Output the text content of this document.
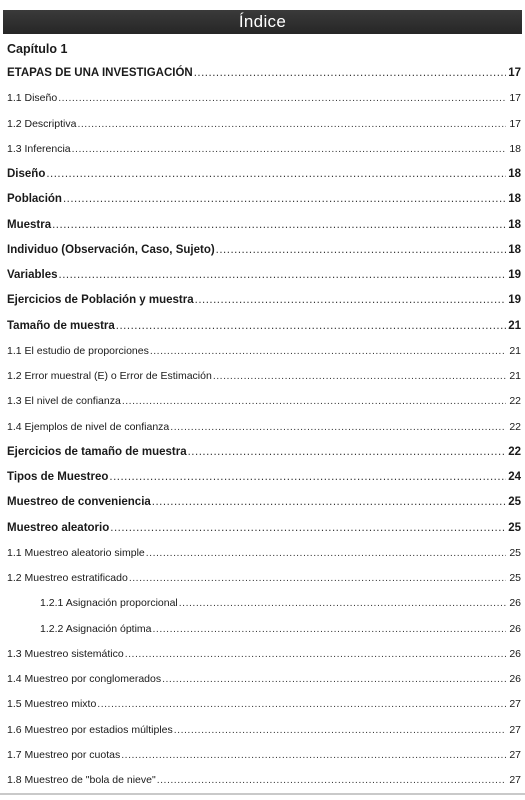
Índice
Capítulo 1
ETAPAS DE UNA INVESTIGACIÓN .....	17
1.1 Diseño .....	17
1.2 Descriptiva .....	17
1.3 Inferencia .....	18
Diseño .....	18
Población .....	18
Muestra .....	18
Individuo (Observación, Caso, Sujeto) .....	18
Variables .....	19
Ejercicios de Población y muestra .....	19
Tamaño de muestra .....	21
1.1 El estudio de proporciones .....	21
1.2 Error muestral (E) o Error de Estimación .....	21
1.3 El nivel de confianza .....	22
1.4 Ejemplos de nivel de confianza .....	22
Ejercicios de tamaño de muestra .....	22
Tipos de Muestreo .....	24
Muestreo de conveniencia .....	25
Muestreo aleatorio .....	25
1.1 Muestreo aleatorio simple .....	25
1.2 Muestreo estratificado .....	25
1.2.1 Asignación proporcional .....	26
1.2.2 Asignación óptima .....	26
1.3 Muestreo sistemático .....	26
1.4 Muestreo por conglomerados .....	26
1.5 Muestreo mixto .....	27
1.6 Muestreo por estadios múltiples .....	27
1.7 Muestreo por cuotas .....	27
1.8 Muestreo de "bola de nieve" .....	27
